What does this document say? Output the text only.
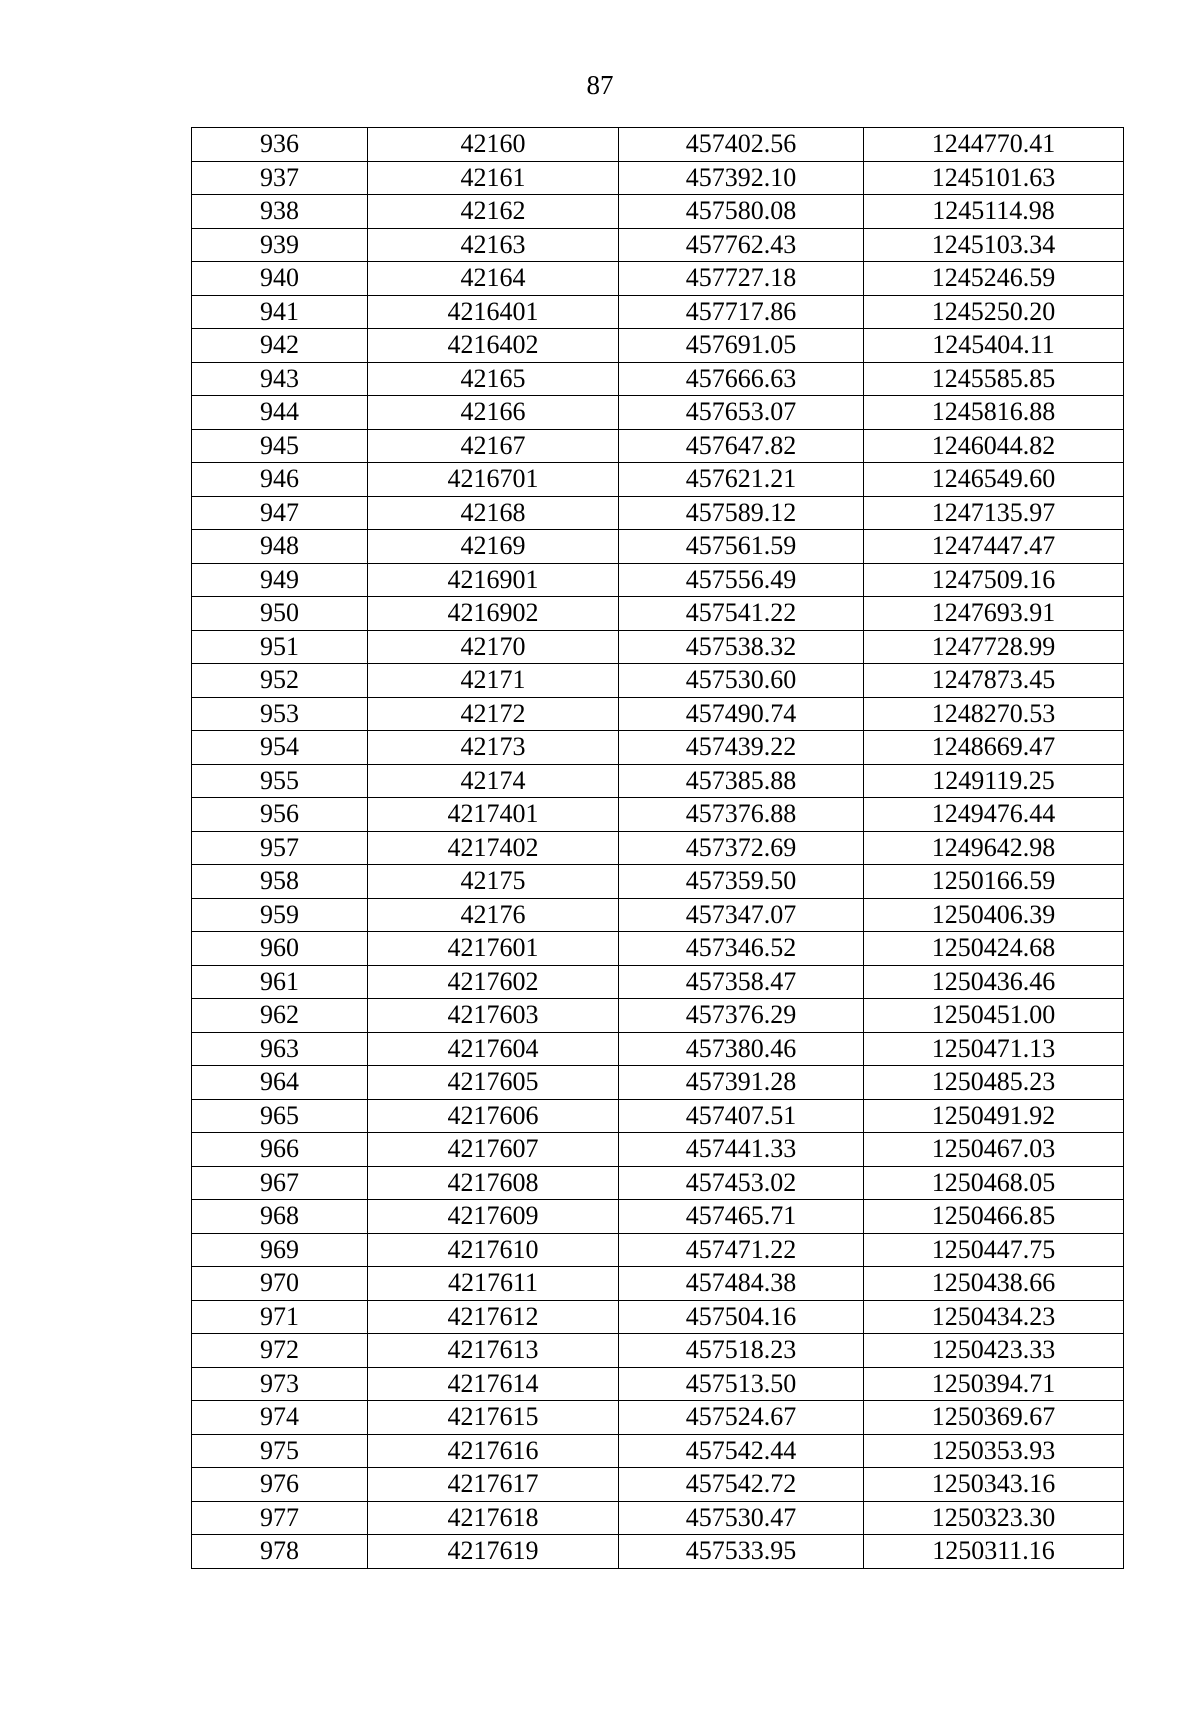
87
936	42160	457402.56	1244770.41
937	42161	457392.10	1245101.63
938	42162	457580.08	1245114.98
939	42163	457762.43	1245103.34
940	42164	457727.18	1245246.59
941	4216401	457717.86	1245250.20
942	4216402	457691.05	1245404.11
943	42165	457666.63	1245585.85
944	42166	457653.07	1245816.88
945	42167	457647.82	1246044.82
946	4216701	457621.21	1246549.60
947	42168	457589.12	1247135.97
948	42169	457561.59	1247447.47
949	4216901	457556.49	1247509.16
950	4216902	457541.22	1247693.91
951	42170	457538.32	1247728.99
952	42171	457530.60	1247873.45
953	42172	457490.74	1248270.53
954	42173	457439.22	1248669.47
955	42174	457385.88	1249119.25
956	4217401	457376.88	1249476.44
957	4217402	457372.69	1249642.98
958	42175	457359.50	1250166.59
959	42176	457347.07	1250406.39
960	4217601	457346.52	1250424.68
961	4217602	457358.47	1250436.46
962	4217603	457376.29	1250451.00
963	4217604	457380.46	1250471.13
964	4217605	457391.28	1250485.23
965	4217606	457407.51	1250491.92
966	4217607	457441.33	1250467.03
967	4217608	457453.02	1250468.05
968	4217609	457465.71	1250466.85
969	4217610	457471.22	1250447.75
970	4217611	457484.38	1250438.66
971	4217612	457504.16	1250434.23
972	4217613	457518.23	1250423.33
973	4217614	457513.50	1250394.71
974	4217615	457524.67	1250369.67
975	4217616	457542.44	1250353.93
976	4217617	457542.72	1250343.16
977	4217618	457530.47	1250323.30
978	4217619	457533.95	1250311.16
